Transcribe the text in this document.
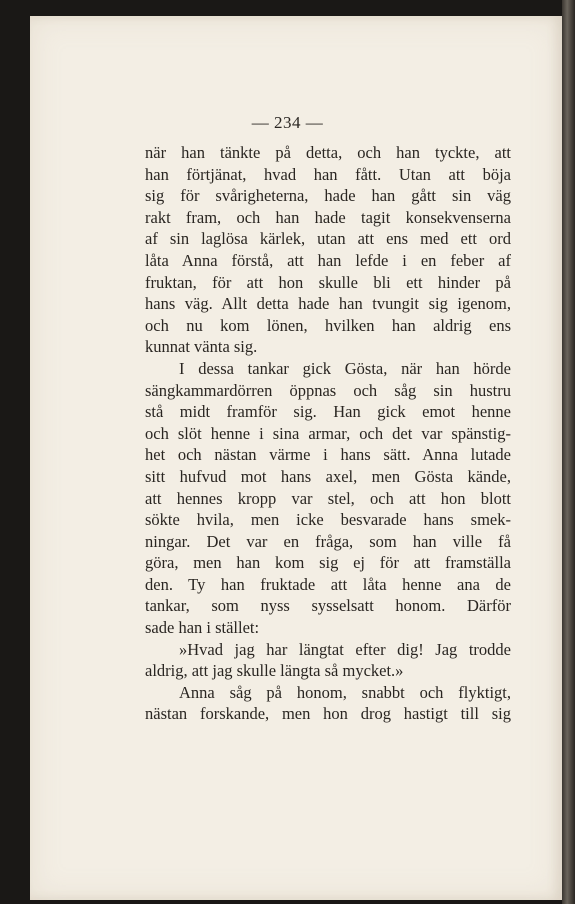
— 234 —
när han tänkte på detta, och han tyckte, att
han förtjänat, hvad han fått. Utan att böja
sig för svårigheterna, hade han gått sin väg
rakt fram, och han hade tagit konsekvenserna
af sin laglösa kärlek, utan att ens med ett ord
låta Anna förstå, att han lefde i en feber af
fruktan, för att hon skulle bli ett hinder på
hans väg. Allt detta hade han tvungit sig igenom,
och nu kom lönen, hvilken han aldrig ens
kunnat vänta sig.
I dessa tankar gick Gösta, när han hörde
sängkammardörren öppnas och såg sin hustru
stå midt framför sig. Han gick emot henne
och slöt henne i sina armar, och det var spänstig-
het och nästan värme i hans sätt. Anna lutade
sitt hufvud mot hans axel, men Gösta kände,
att hennes kropp var stel, och att hon blott
sökte hvila, men icke besvarade hans smek-
ningar. Det var en fråga, som han ville få
göra, men han kom sig ej för att framställa
den. Ty han fruktade att låta henne ana de
tankar, som nyss sysselsatt honom. Därför
sade han i stället:
»Hvad jag har längtat efter dig! Jag trodde
aldrig, att jag skulle längta så mycket.»
Anna såg på honom, snabbt och flyktigt,
nästan forskande, men hon drog hastigt till sig
